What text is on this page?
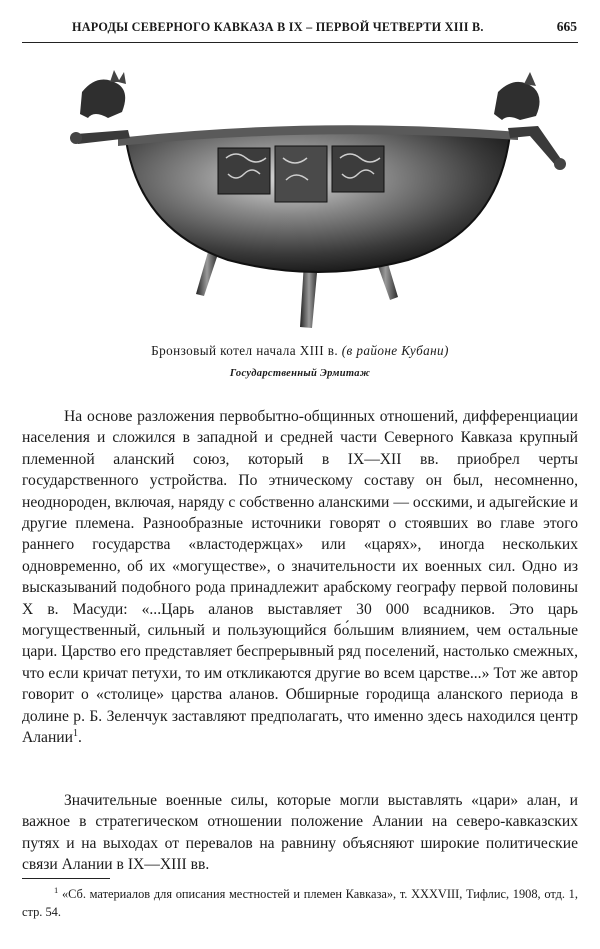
НАРОДЫ СЕВЕРНОГО КАВКАЗА В IX – ПЕРВОЙ ЧЕТВЕРТИ XIII В.	665
Бронзовый котел начала XIII в. (в районе Кубани)
Государственный Эрмитаж

На основе разложения первобытно-общинных отношений, дифференциации населения и сложился в западной и средней части Северного Кавказа крупный племенной аланский союз, который в IX—XII вв. приобрел черты государственного устройства. По этническому составу он был, несомненно, неоднороден, включая, наряду с собственно аланскими — осскими, и адыгейские и другие племена. Разнообразные источники говорят о стоявших во главе этого раннего государства «властодержцах» или «царях», иногда нескольких одновременно, об их «могуществе», о значительности их военных сил. Одно из высказываний подобного рода принадлежит арабскому географу первой половины X в. Масуди: «...Царь аланов выставляет 30 000 всадников. Это царь могущественный, сильный и пользующийся бо́льшим влиянием, чем остальные цари. Царство его представляет беспрерывный ряд поселений, настолько смежных, что если кричат петухи, то им откликаются другие во всем царстве...» Тот же автор говорит о «столице» царства аланов. Обширные городища аланского периода в долине р. Б. Зеленчук заставляют предполагать, что именно здесь находился центр Алании$^1$.

Значительные военные силы, которые могли выставлять «цари» алан, и важное в стратегическом отношении положение Алании на северо-кавказских путях и на выходах от перевалов на равнину объясняют широкие политические связи Алании в IX—XIII вв.

$^1$ «Сб. материалов для описания местностей и племен Кавказа», т. XXXVIII, Тифлис, 1908, отд. 1, стр. 54.
